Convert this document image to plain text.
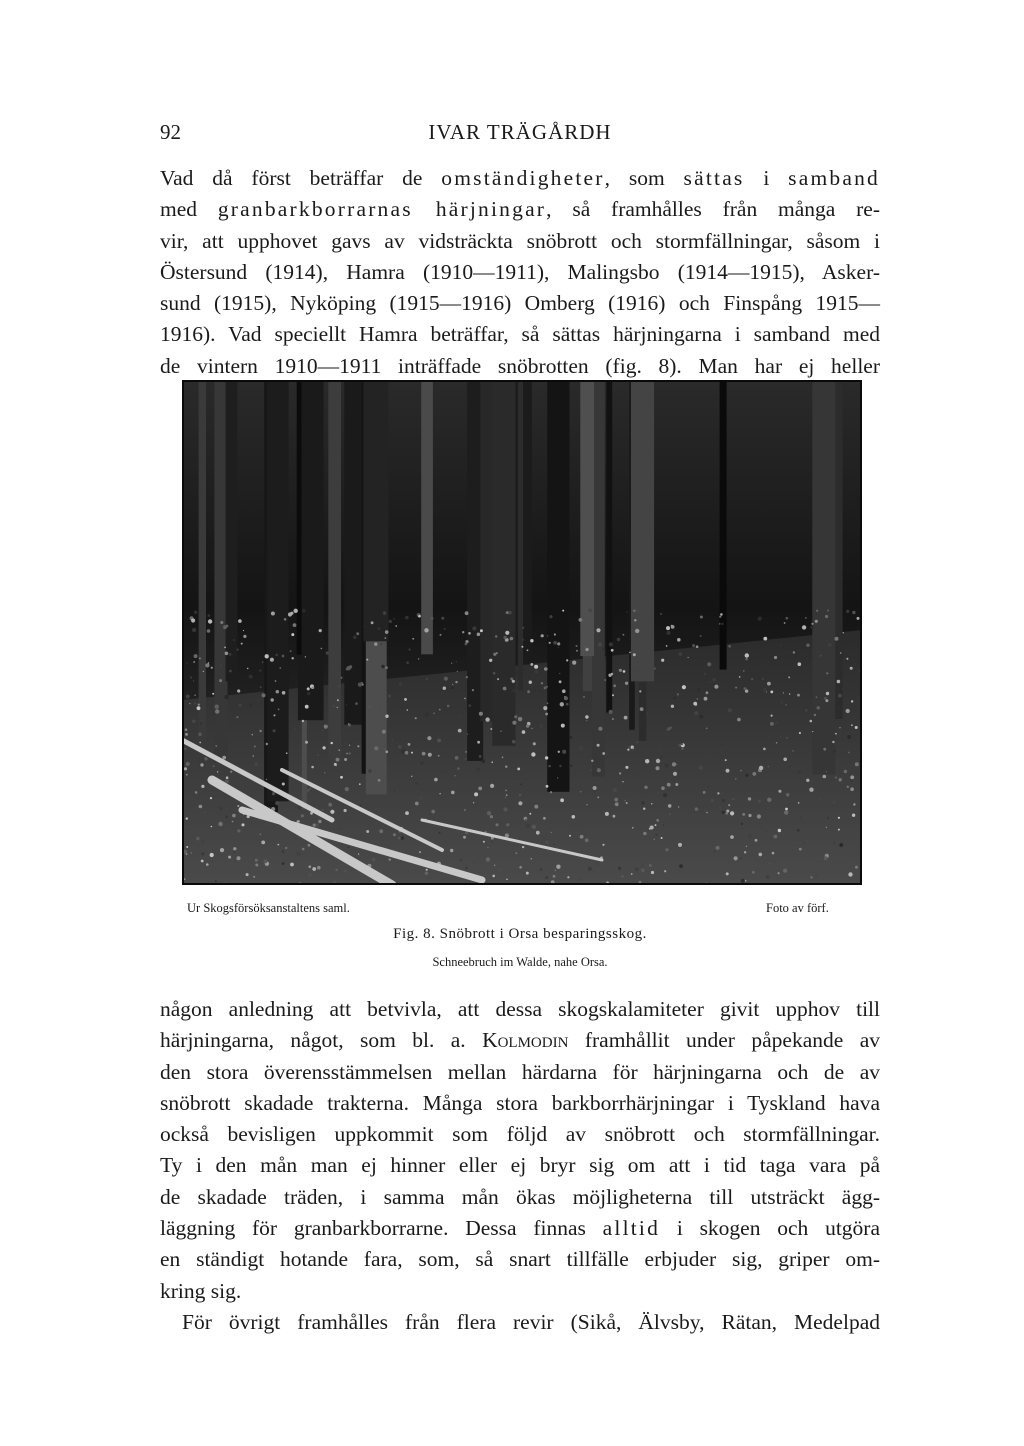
92	IVAR TRÄGÅRDH

Vad då först beträffar de omständigheter, som sättas i samband
med granbarkborrarnas härjningar, så framhålles från många re-
vir, att upphovet gavs av vidsträckta snöbrott och stormfällningar, såsom i
Östersund (1914), Hamra (1910—1911), Malingsbo (1914—1915), Asker-
sund (1915), Nyköping (1915—1916) Omberg (1916) och Finspång 1915—
1916). Vad speciellt Hamra beträffar, så sättas härjningarna i samband med
de vintern 1910—1911 inträffade snöbrotten (fig. 8). Man har ej heller

Ur Skogsförsöksanstaltens saml.	Foto av förf.
Fig. 8. Snöbrott i Orsa besparingsskog.
Schneebruch im Walde, nahe Orsa.

någon anledning att betvivla, att dessa skogskalamiteter givit upphov till
härjningarna, något, som bl. a. Kolmodin framhållit under påpekande av
den stora överensstämmelsen mellan härdarna för härjningarna och de av
snöbrott skadade trakterna. Många stora barkborrhärjningar i Tyskland hava
också bevisligen uppkommit som följd av snöbrott och stormfällningar.
Ty i den mån man ej hinner eller ej bryr sig om att i tid taga vara på
de skadade träden, i samma mån ökas möjligheterna till utsträckt ägg-
läggning för granbarkborrarne. Dessa finnas alltid i skogen och utgöra
en ständigt hotande fara, som, så snart tillfälle erbjuder sig, griper om-
kring sig.

För övrigt framhålles från flera revir (Sikå, Älvsby, Rätan, Medelpad
